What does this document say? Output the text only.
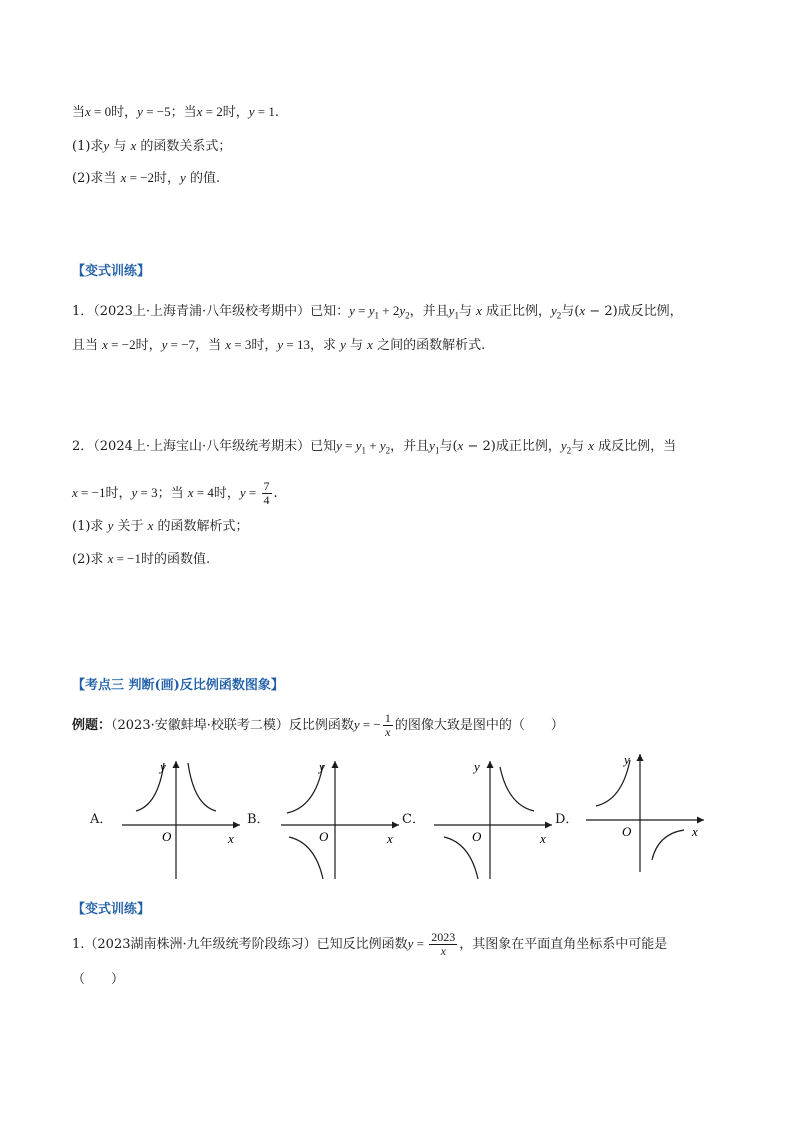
当x = 0时，y = −5；当x = 2时，y = 1.
(1)求y 与 x 的函数关系式；
(2)求当 x = −2时，y 的值.
【变式训练】
1．（2023上·上海青浦·八年级校考期中）已知：$y = y_1 + 2y_2$，并且$y_1$与 x 成正比例，$y_2$与(x − 2)成反比例，
且当 x = −2时，y = −7，当 x = 3时，y = 13，求 y 与 x 之间的函数解析式.
2．（2024上·上海宝山·八年级统考期末）已知$y = y_1 + y_2$，并且$y_1$与(x − 2)成正比例，$y_2$与 x 成反比例，当
x = −1时，y = 3；当 x = 4时，$y = \frac{7}{4}$ .
(1)求 y 关于 x 的函数解析式；
(2)求 x = −1时的函数值.
【考点三 判断(画)反比例函数图象】
例题：（2023·安徽蚌埠·校联考二模）反比例函数y = − $\frac{1}{x}$ 的图像大致是图中的（　　）
A．
O	x
y
B．
O	x
y
C．
O	x
y
D．
O	x
y
【变式训练】
1.（2023湖南株洲·九年级统考阶段练习）已知反比例函数$y = \frac{2023}{x}$ ，其图象在平面直角坐标系中可能是
（　　）
